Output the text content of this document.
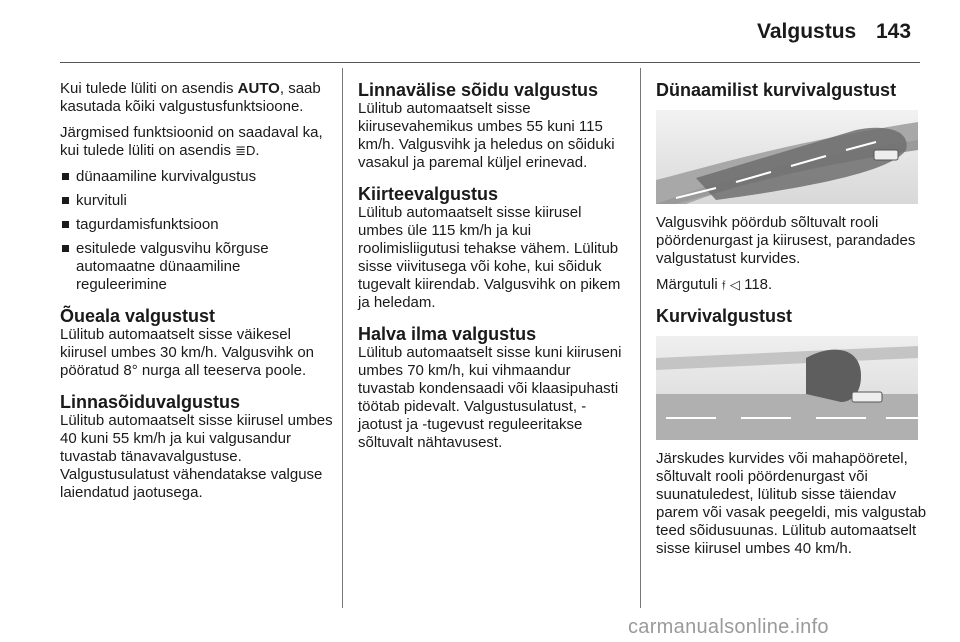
Valgustus 143

Kui tulede lüliti on asendis AUTO, saab kasutada kõiki valgustusfunktsioone.

Järgmised funktsioonid on saadaval ka, kui tulede lüliti on asendis ≣D.

dünaamiline kurvivalgustus
kurvituli
tagurdamisfunktsioon
esitulede valgusvihu kõrguse automaatne dünaamiline reguleerimine
Õueala valgustust

Lülitub automaatselt sisse väikesel kiirusel umbes 30 km/h. Valgusvihk on pööratud 8° nurga all teeserva poole.

Linnasõiduvalgustus

Lülitub automaatselt sisse kiirusel umbes 40 kuni 55 km/h ja kui valgusandur tuvastab tänavavalgustuse. Valgustusulatust vähendatakse valguse laiendatud jaotusega.

Linnavälise sõidu valgustus

Lülitub automaatselt sisse kiirusevahemikus umbes 55 kuni 115 km/h. Valgusvihk ja heledus on sõiduki vasakul ja paremal küljel erinevad.

Kiirteevalgustus

Lülitub automaatselt sisse kiirusel umbes üle 115 km/h ja kui roolimisliigutusi tehakse vähem. Lülitub sisse viivitusega või kohe, kui sõiduk tugevalt kiirendab. Valgusvihk on pikem ja heledam.

Halva ilma valgustus

Lülitub automaatselt sisse kuni kiiruseni umbes 70 km/h, kui vihmaandur tuvastab kondensaadi või klaasipuhasti töötab pidevalt. Valgustusulatust, -jaotust ja -tugevust reguleeritakse sõltuvalt nähtavusest.

Dünaamilist kurvivalgustust

Valgusvihk pöördub sõltuvalt rooli pöördenurgast ja kiirusest, parandades valgustatust kurvides.

Märgutuli 𝔣 ◁ 118.

Kurvivalgustust

Järskudes kurvides või mahapööretel, sõltuvalt rooli pöördenurgast või suunatuledest, lülitub sisse täiendav parem või vasak peegeldi, mis valgustab teed sõidusuunas. Lülitub automaatselt sisse kiirusel umbes 40 km/h.

carmanualsonline.info
